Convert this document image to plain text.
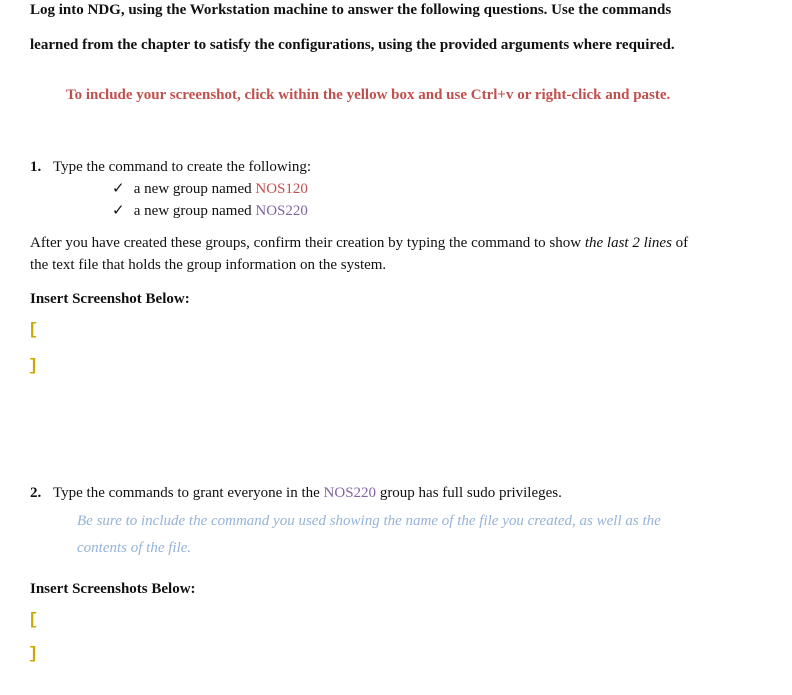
Log into NDG, using the Workstation machine to answer the following questions. Use the commands
learned from the chapter to satisfy the configurations, using the provided arguments where required.
To include your screenshot, click within the yellow box and use Ctrl+v or right-click and paste.
1. Type the command to create the following:
✓ a new group named NOS120
✓ a new group named NOS220
After you have created these groups, confirm their creation by typing the command to show the last 2 lines of
the text file that holds the group information on the system.
Insert Screenshot Below:
[
]
2. Type the commands to grant everyone in the NOS220 group has full sudo privileges.
Be sure to include the command you used showing the name of the file you created, as well as the
contents of the file.
Insert Screenshots Below:
[
]
